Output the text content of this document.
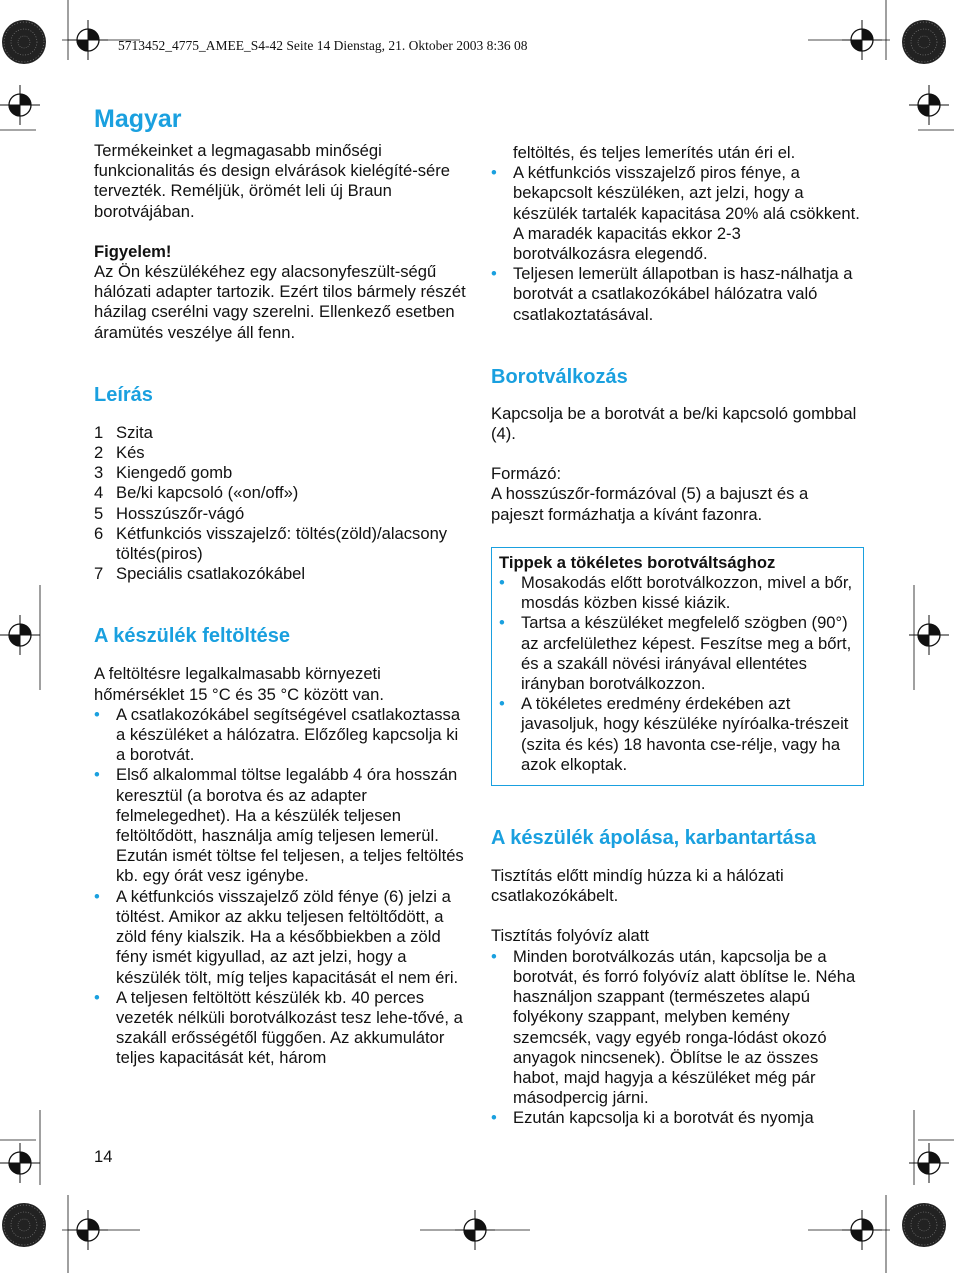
5713452_4775_AMEE_S4-42 Seite 14 Dienstag, 21. Oktober 2003 8:36 08
Magyar

Termékeinket a legmagasabb minőségi funkcionalitás és design elvárások kielégíté-sére tervezték. Reméljük, örömét leli új Braun borotvájában.

Figyelem!

Az Ön készülékéhez egy alacsonyfeszült-ségű hálózati adapter tartozik. Ezért tilos bármely részét házilag cserélni vagy szerelni. Ellenkező esetben áramütés veszélye áll fenn.

Leírás
1 Szita
2 Kés
3 Kiengedő gomb
4 Be/ki kapcsoló («on/off»)
5 Hosszúszőr-vágó
6 Kétfunkciós visszajelző: töltés(zöld)/alacsony töltés(piros)
7 Speciális csatlakozókábel
A készülék feltöltése

A feltöltésre legalkalmasabb környezeti hőmérséklet 15 °C és 35 °C között van.

• A csatlakozókábel segítségével csatlakoztassa a készüléket a hálózatra. Előzőleg kapcsolja ki a borotvát.
• Első alkalommal töltse legalább 4 óra hosszán keresztül (a borotva és az adapter felmelegedhet). Ha a készülék teljesen feltöltődött, használja amíg teljesen lemerül. Ezután ismét töltse fel teljesen, a teljes feltöltés kb. egy órát vesz igénybe.
• A kétfunkciós visszajelző zöld fénye (6) jelzi a töltést. Amikor az akku teljesen feltöltődött, a zöld fény kialszik. Ha a későbbiekben a zöld fény ismét kigyullad, az azt jelzi, hogy a készülék tölt, míg teljes kapacitását el nem éri.
• A teljesen feltöltött készülék kb. 40 perces vezeték nélküli borotválkozást tesz lehe-tővé, a szakáll erősségétől függően. Az akkumulátor teljes kapacitását két, három
14

feltöltés, és teljes lemerítés után éri el.

• A kétfunkciós visszajelző piros fénye, a bekapcsolt készüléken, azt jelzi, hogy a készülék tartalék kapacitása 20% alá csökkent. A maradék kapacitás ekkor 2-3 borotválkozásra elegendő.
• Teljesen lemerült állapotban is hasz-nálhatja a borotvát a csatlakozókábel hálózatra való csatlakoztatásával.
Borotválkozás

Kapcsolja be a borotvát a be/ki kapcsoló gombbal (4).

Formázó:

A hosszúszőr-formázóval (5) a bajuszt és a pajeszt formázhatja a kívánt fazonra.

Tippek a tökéletes borotváltsághoz

• Mosakodás előtt borotválkozzon, mivel a bőr, mosdás közben kissé kiázik.
• Tartsa a készüléket megfelelő szögben (90°) az arcfelülethez képest. Feszítse meg a bőrt, és a szakáll növési irányával ellentétes irányban borotválkozzon.
• A tökéletes eredmény érdekében azt javasoljuk, hogy készüléke nyíróalka-trészeit (szita és kés) 18 havonta cse-rélje, vagy ha azok elkoptak.
A készülék ápolása, karbantartása

Tisztítás előtt mindíg húzza ki a hálózati csatlakozókábelt.

Tisztítás folyóvíz alatt

• Minden borotválkozás után, kapcsolja be a borotvát, és forró folyóvíz alatt öblítse le. Néha használjon szappant (természetes alapú folyékony szappant, melyben kemény szemcsék, vagy egyéb ronga-lódást okozó anyagok nincsenek). Öblítse le az összes habot, majd hagyja a készüléket még pár másodpercig járni.
• Ezután kapcsolja ki a borotvát és nyomja
